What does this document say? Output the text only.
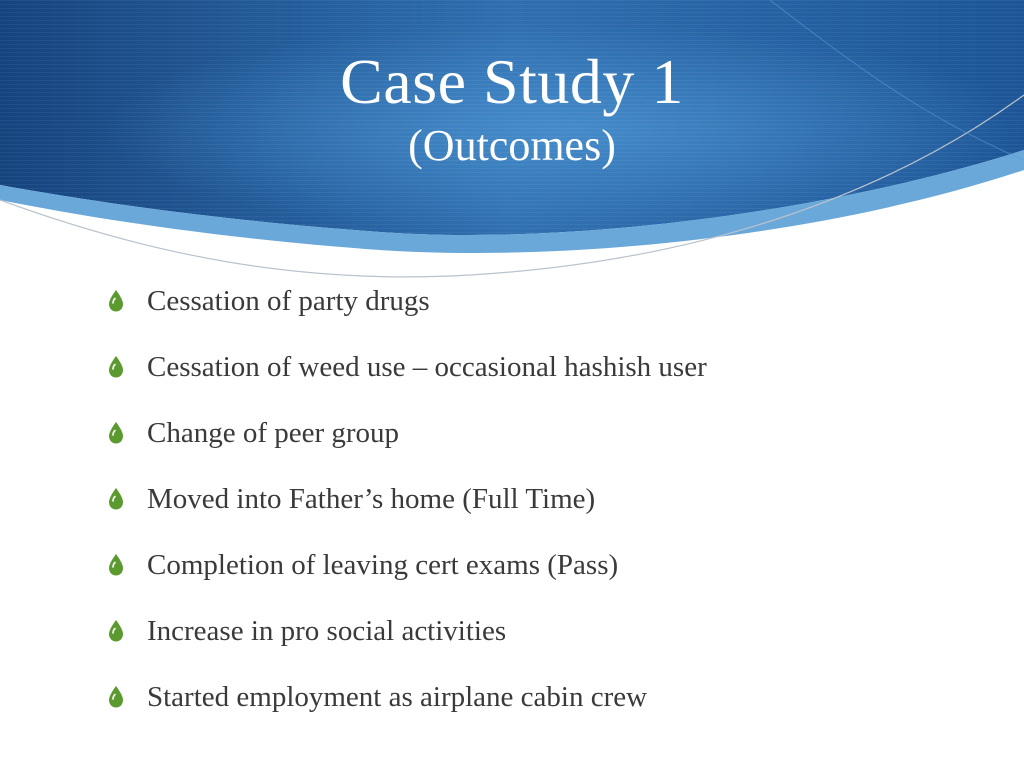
Case Study 1
(Outcomes)
Cessation of party drugs
Cessation of weed use – occasional hashish user
Change of peer group
Moved into Father’s home (Full Time)
Completion of leaving cert exams (Pass)
Increase in pro social activities
Started employment as airplane cabin crew
